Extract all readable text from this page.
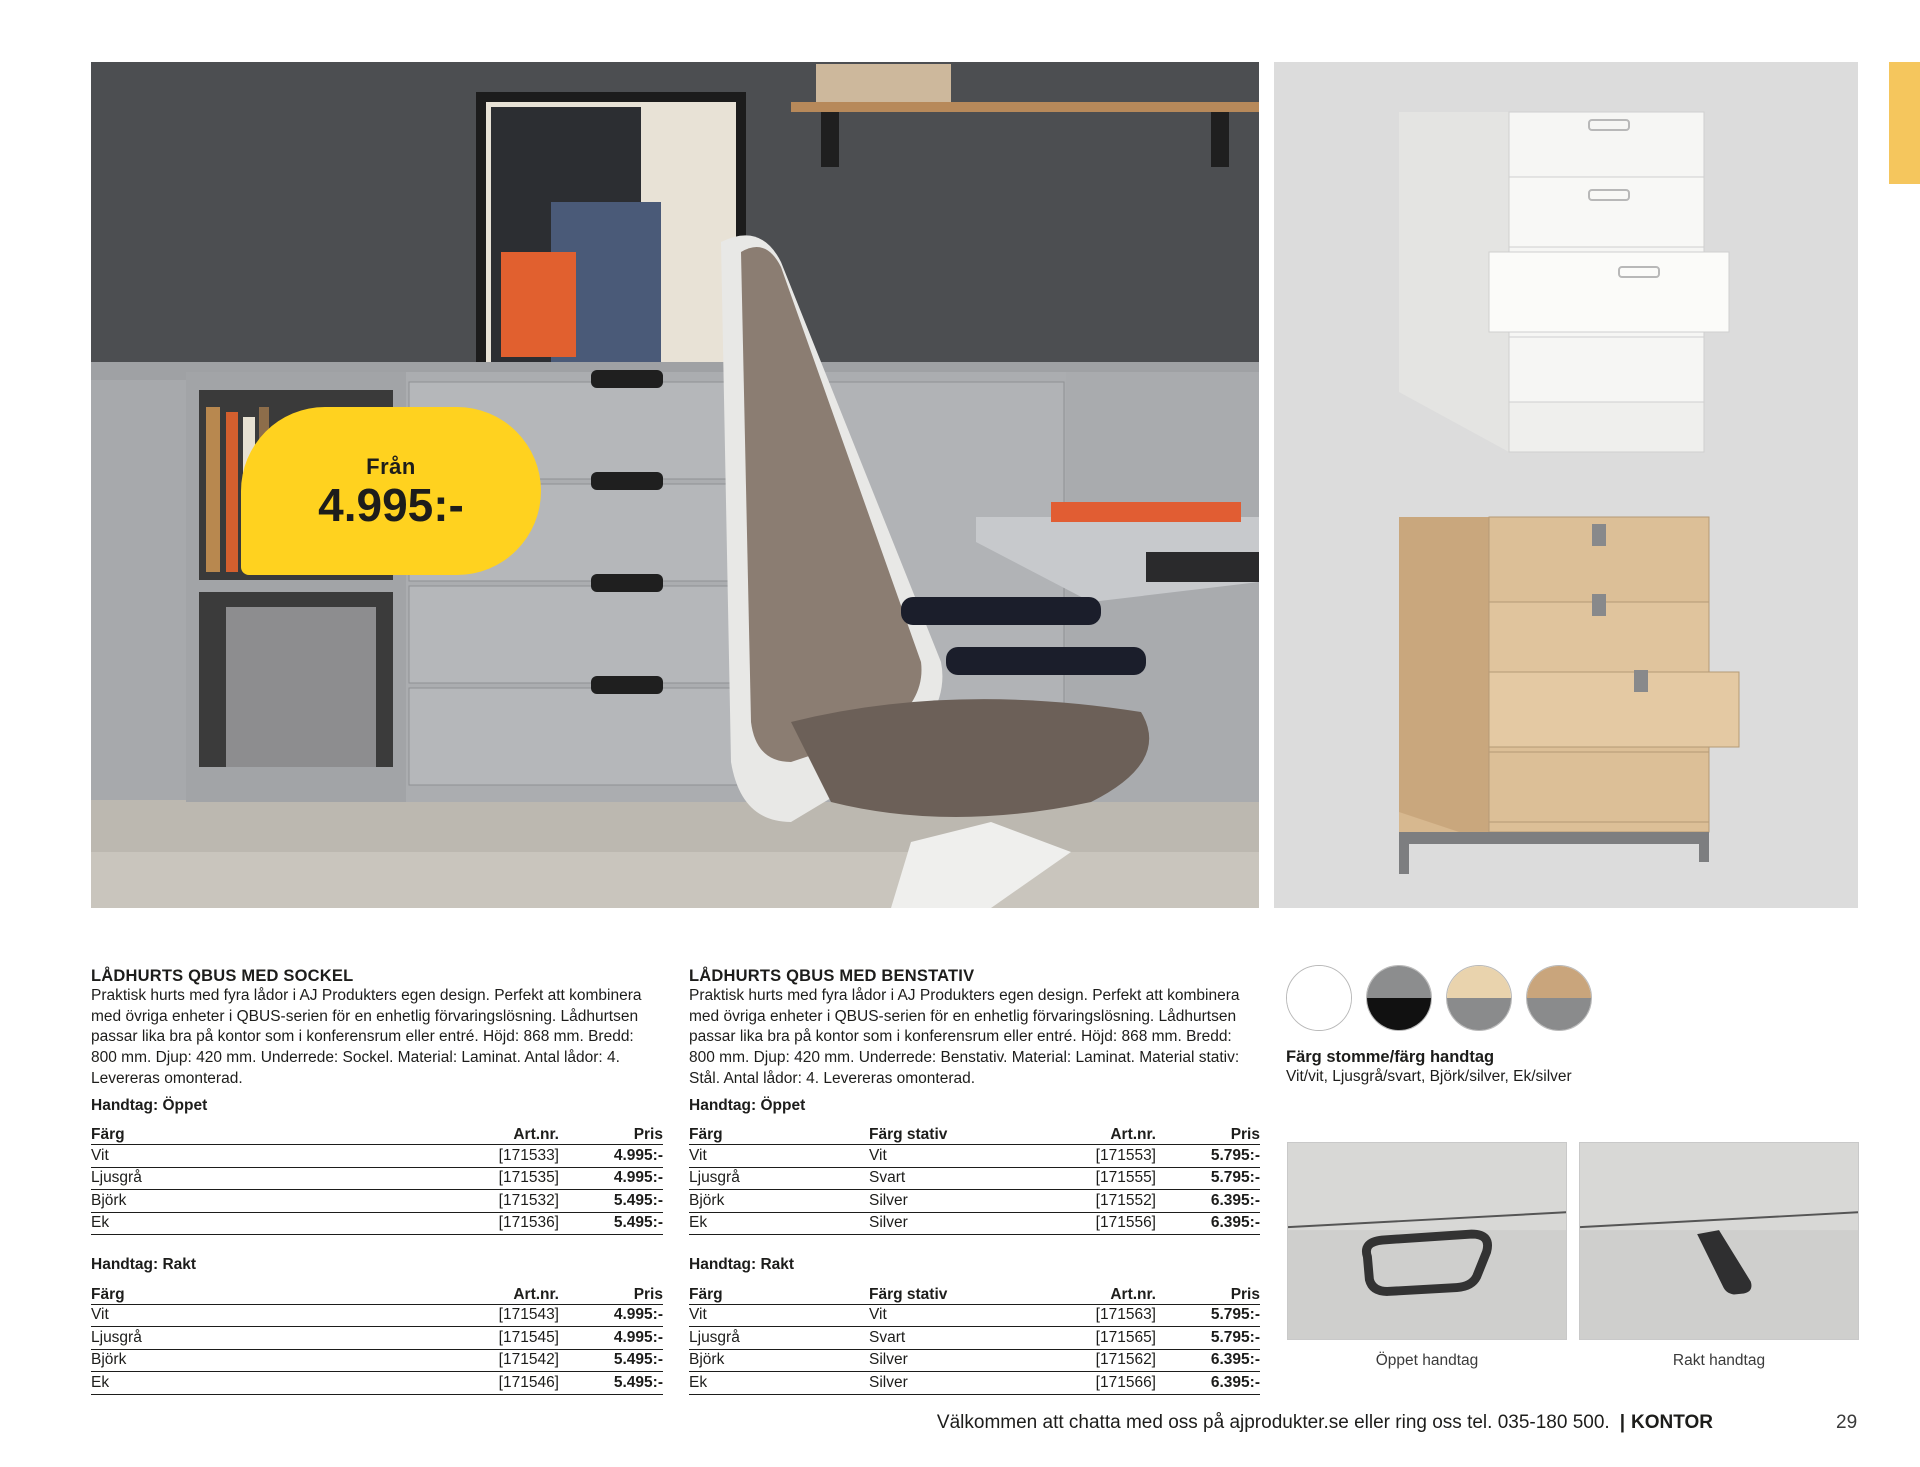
Från
4.995:-
LÅDHURTS QBUS MED SOCKEL
Praktisk hurts med fyra lådor i AJ Produkters egen design. Perfekt att kombinera med övriga enheter i QBUS-serien för en enhetlig förvaringslösning. Lådhurtsen passar lika bra på kontor som i konferensrum eller entré. Höjd: 868 mm. Bredd: 800 mm. Djup: 420 mm. Underrede: Sockel. Material: Laminat. Antal lådor: 4. Levereras omonterad.
Handtag: Öppet
Färg	Art.nr.	Pris
Vit	[171533]	4.995:-
Ljusgrå	[171535]	4.995:-
Björk	[171532]	5.495:-
Ek	[171536]	5.495:-
Handtag: Rakt
Färg	Art.nr.	Pris
Vit	[171543]	4.995:-
Ljusgrå	[171545]	4.995:-
Björk	[171542]	5.495:-
Ek	[171546]	5.495:-
LÅDHURTS QBUS MED BENSTATIV
Praktisk hurts med fyra lådor i AJ Produkters egen design. Perfekt att kombinera med övriga enheter i QBUS-serien för en enhetlig förvaringslösning. Lådhurtsen passar lika bra på kontor som i konferensrum eller entré. Höjd: 868 mm. Bredd: 800 mm. Djup: 420 mm. Underrede: Benstativ. Material: Laminat. Material stativ: Stål. Antal lådor: 4. Levereras omonterad.
Handtag: Öppet
Färg	Färg stativ	Art.nr.	Pris
Vit	Vit	[171553]	5.795:-
Ljusgrå	Svart	[171555]	5.795:-
Björk	Silver	[171552]	6.395:-
Ek	Silver	[171556]	6.395:-
Handtag: Rakt
Färg	Färg stativ	Art.nr.	Pris
Vit	Vit	[171563]	5.795:-
Ljusgrå	Svart	[171565]	5.795:-
Björk	Silver	[171562]	6.395:-
Ek	Silver	[171566]	6.395:-
Färg stomme/färg handtag
Vit/vit, Ljusgrå/svart, Björk/silver, Ek/silver
Öppet handtag	Rakt handtag
Välkommen att chatta med oss på ajprodukter.se eller ring oss tel. 035-180 500. | KONTOR	29
